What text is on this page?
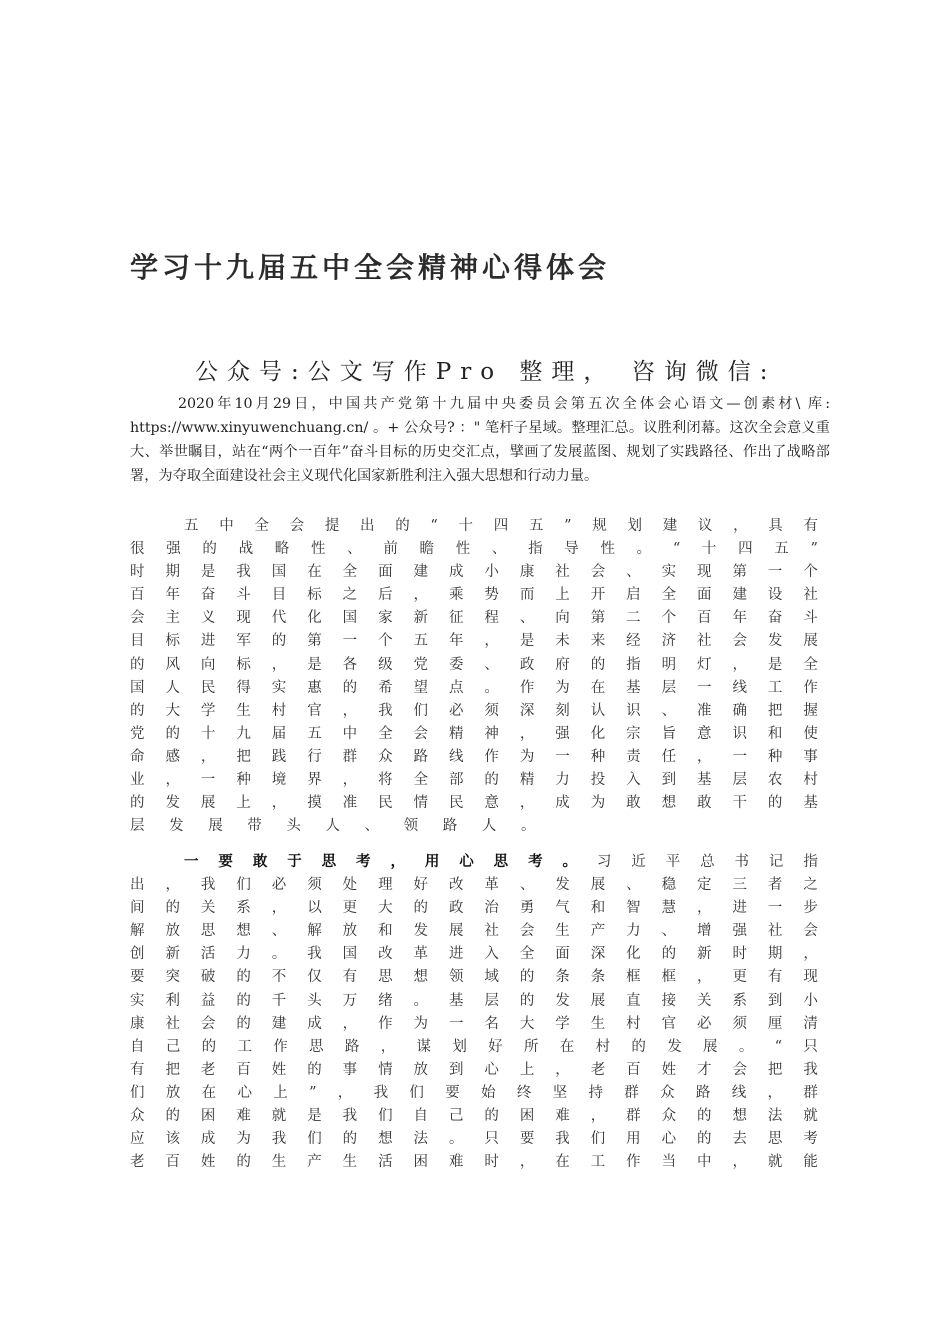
学习十九届五中全会精神心得体会
公众号:公文写作Pro 整理， 咨询微信:

2020年10月29日，中国共产党第十九届中央委员会第五次全体会心语文—创素材\ 库: https://www.xinyuwenchuang.cn/ 。+ 公众号? ：" 笔杆子星域。整理汇总。议胜利闭幕。这次全会意义重大、举世瞩目，站在“两个一百年”奋斗目标的历史交汇点，擘画了发展蓝图、规划了实践路径、作出了战略部署，为夺取全面建设社会主义现代化国家新胜利注入强大思想和行动力量。

五 中 全 会 提 出 的 “ 十 四 五 ” 规 划 建 议 ， 具 有
很 强 的 战 略 性 、 前 瞻 性 、 指 导 性 。 “ 十 四 五 ”
时 期 是 我 国 在 全 面 建 成 小 康 社 会 、 实 现 第 一 个
百 年 奋 斗 目 标 之 后 ， 乘 势 而 上 开 启 全 面 建 设 社
会 主 义 现 代 化 国 家 新 征 程 、 向 第 二 个 百 年 奋 斗
目 标 进 军 的 第 一 个 五 年 ， 是 未 来 经 济 社 会 发 展
的 风 向 标 ， 是 各 级 党 委 、 政 府 的 指 明 灯 ， 是 全
国 人 民 得 实 惠 的 希 望 点 。 作 为 在 基 层 一 线 工 作
的 大 学 生 村 官 ， 我 们 必 须 深 刻 认 识 、 准 确 把 握
党 的 十 九 届 五 中 全 会 精 神 ， 强 化 宗 旨 意 识 和 使
命 感 ， 把 践 行 群 众 路 线 作 为 一 种 责 任 ， 一 种 事
业 ， 一 种 境 界 ， 将 全 部 的 精 力 投 入 到 基 层 农 村
的 发 展 上 ， 摸 准 民 情 民 意 ， 成 为 敢 想 敢 干 的 基
层 发 展 带 头 人 、 领 路 人 。
一 要 敢 于 思 考 ， 用 心 思 考 。 习 近 平 总 书 记 指
出 ， 我 们 必 须 处 理 好 改 革 、 发 展 、 稳 定 三 者 之
间 的 关 系 ， 以 更 大 的 政 治 勇 气 和 智 慧 ， 进 一 步
解 放 思 想 、 解 放 和 发 展 社 会 生 产 力 、 增 强 社 会
创 新 活 力 。 我 国 改 革 进 入 全 面 深 化 的 新 时 期 ，
要 突 破 的 不 仅 有 思 想 领 域 的 条 条 框 框 ， 更 有 现
实 利 益 的 千 头 万 绪 。 基 层 的 发 展 直 接 关 系 到 小
康 社 会 的 建 成 ， 作 为 一 名 大 学 生 村 官 必 须 厘 清
自 己 的 工 作 思 路 ， 谋 划 好 所 在 村 的 发 展 。 “ 只
有 把 老 百 姓 的 事 情 放 到 心 上 ， 老 百 姓 才 会 把 我
们 放 在 心 上 ” ， 我 们 要 始 终 坚 持 群 众 路 线 ， 群
众 的 困 难 就 是 我 们 自 己 的 困 难 ， 群 众 的 想 法 就
应 该 成 为 我 们 的 想 法 。 只 要 我 们 用 心 的 去 思 考
老 百 姓 的 生 产 生 活 困 难 时 ， 在 工 作 当 中 ， 就 能
